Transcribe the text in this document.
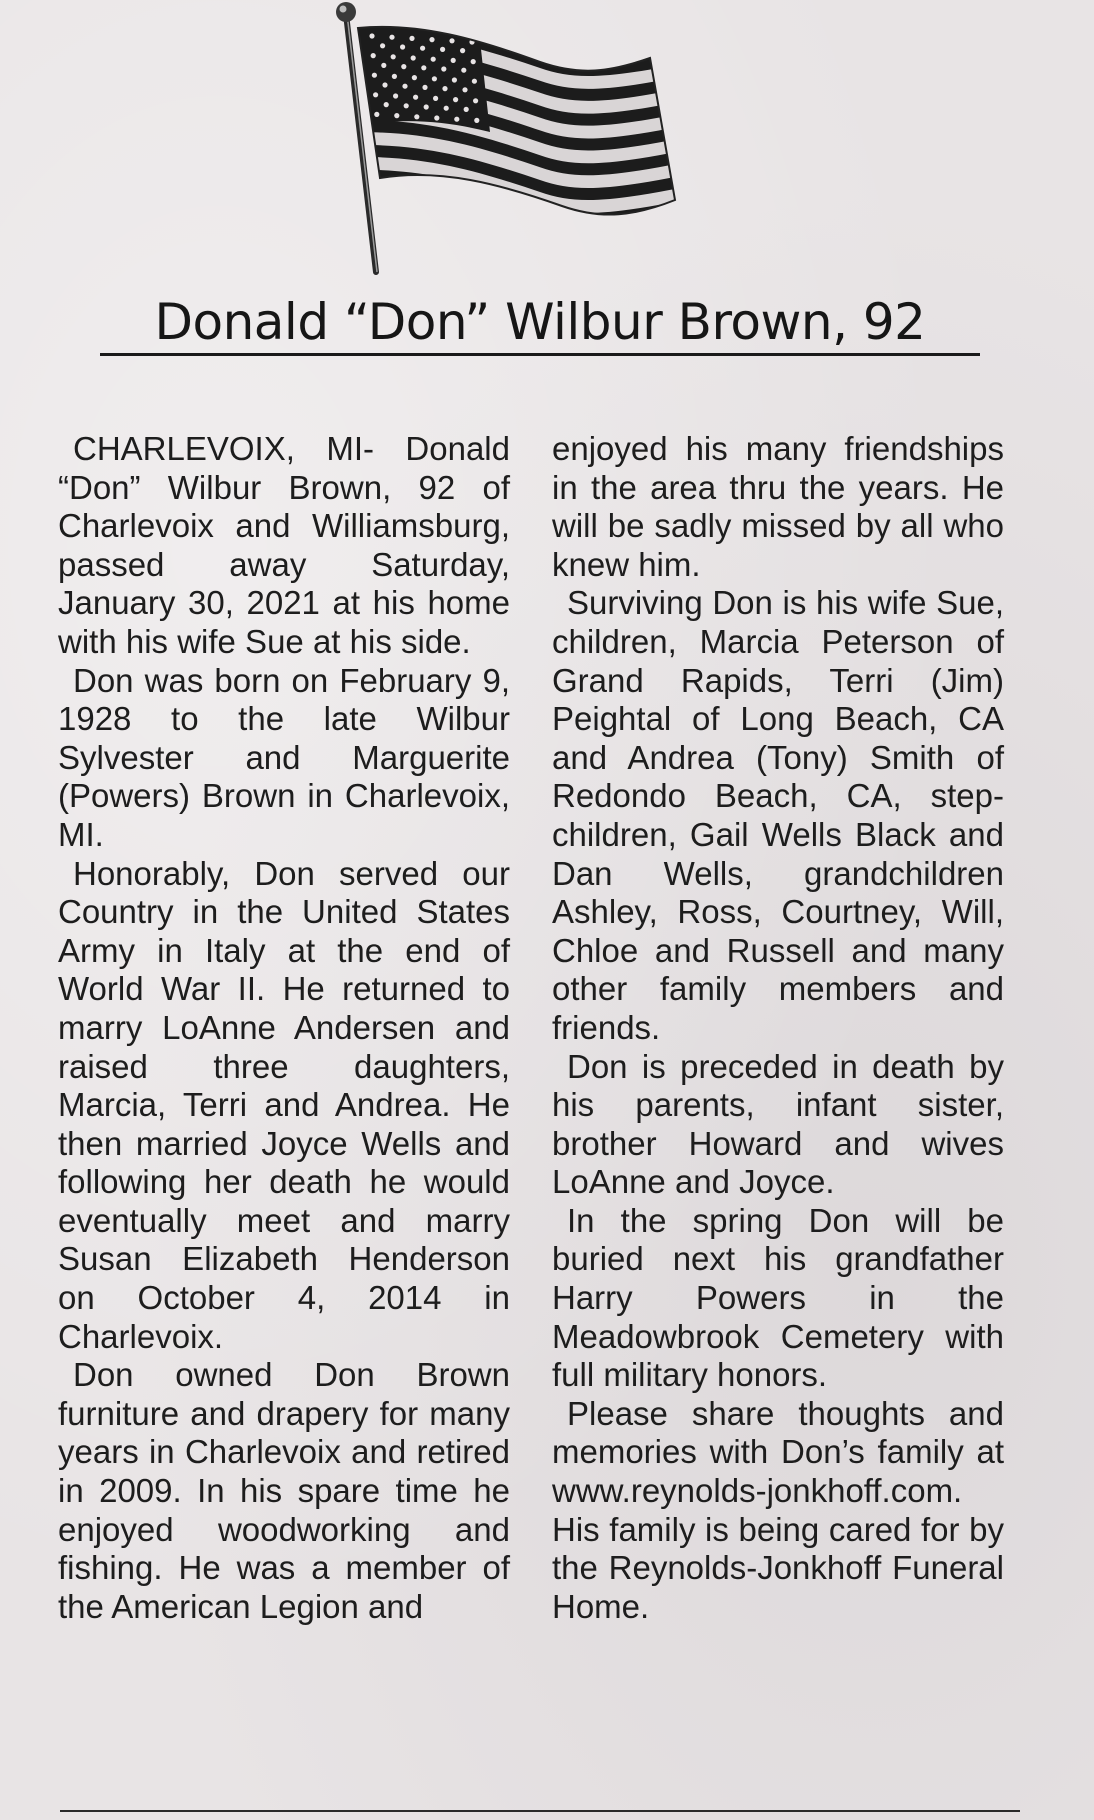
Donald “Don” Wilbur Brown, 92

CHARLEVOIX, MI- Donald “Don” Wilbur Brown, 92 of Charlevoix and Williamsburg, passed away Saturday, January 30, 2021 at his home with his wife Sue at his side.

Don was born on February 9, 1928 to the late Wilbur Sylvester and Marguerite (Powers) Brown in Charlevoix, MI.

Honorably, Don served our Country in the United States Army in Italy at the end of World War II. He returned to marry LoAnne Andersen and raised three daughters, Marcia, Terri and Andrea. He then married Joyce Wells and following her death he would eventually meet and marry Susan Elizabeth Henderson on October 4, 2014 in Charlevoix.

Don owned Don Brown furniture and drapery for many years in Charlevoix and retired in 2009. In his spare time he enjoyed woodworking and fishing. He was a member of the American Legion and

enjoyed his many friendships in the area thru the years. He will be sadly missed by all who knew him.

Surviving Don is his wife Sue, children, Marcia Peterson of Grand Rapids, Terri (Jim) Peightal of Long Beach, CA and Andrea (Tony) Smith of Redondo Beach, CA, step-children, Gail Wells Black and Dan Wells, grandchildren Ashley, Ross, Courtney, Will, Chloe and Russell and many other family members and friends.

Don is preceded in death by his parents, infant sister, brother Howard and wives LoAnne and Joyce.

In the spring Don will be buried next his grandfather Harry Powers in the Meadowbrook Cemetery with full military honors.

Please share thoughts and memories with Don’s family at www.reynolds-jonkhoff.com. His family is being cared for by the Reynolds-Jonkhoff Funeral Home.
